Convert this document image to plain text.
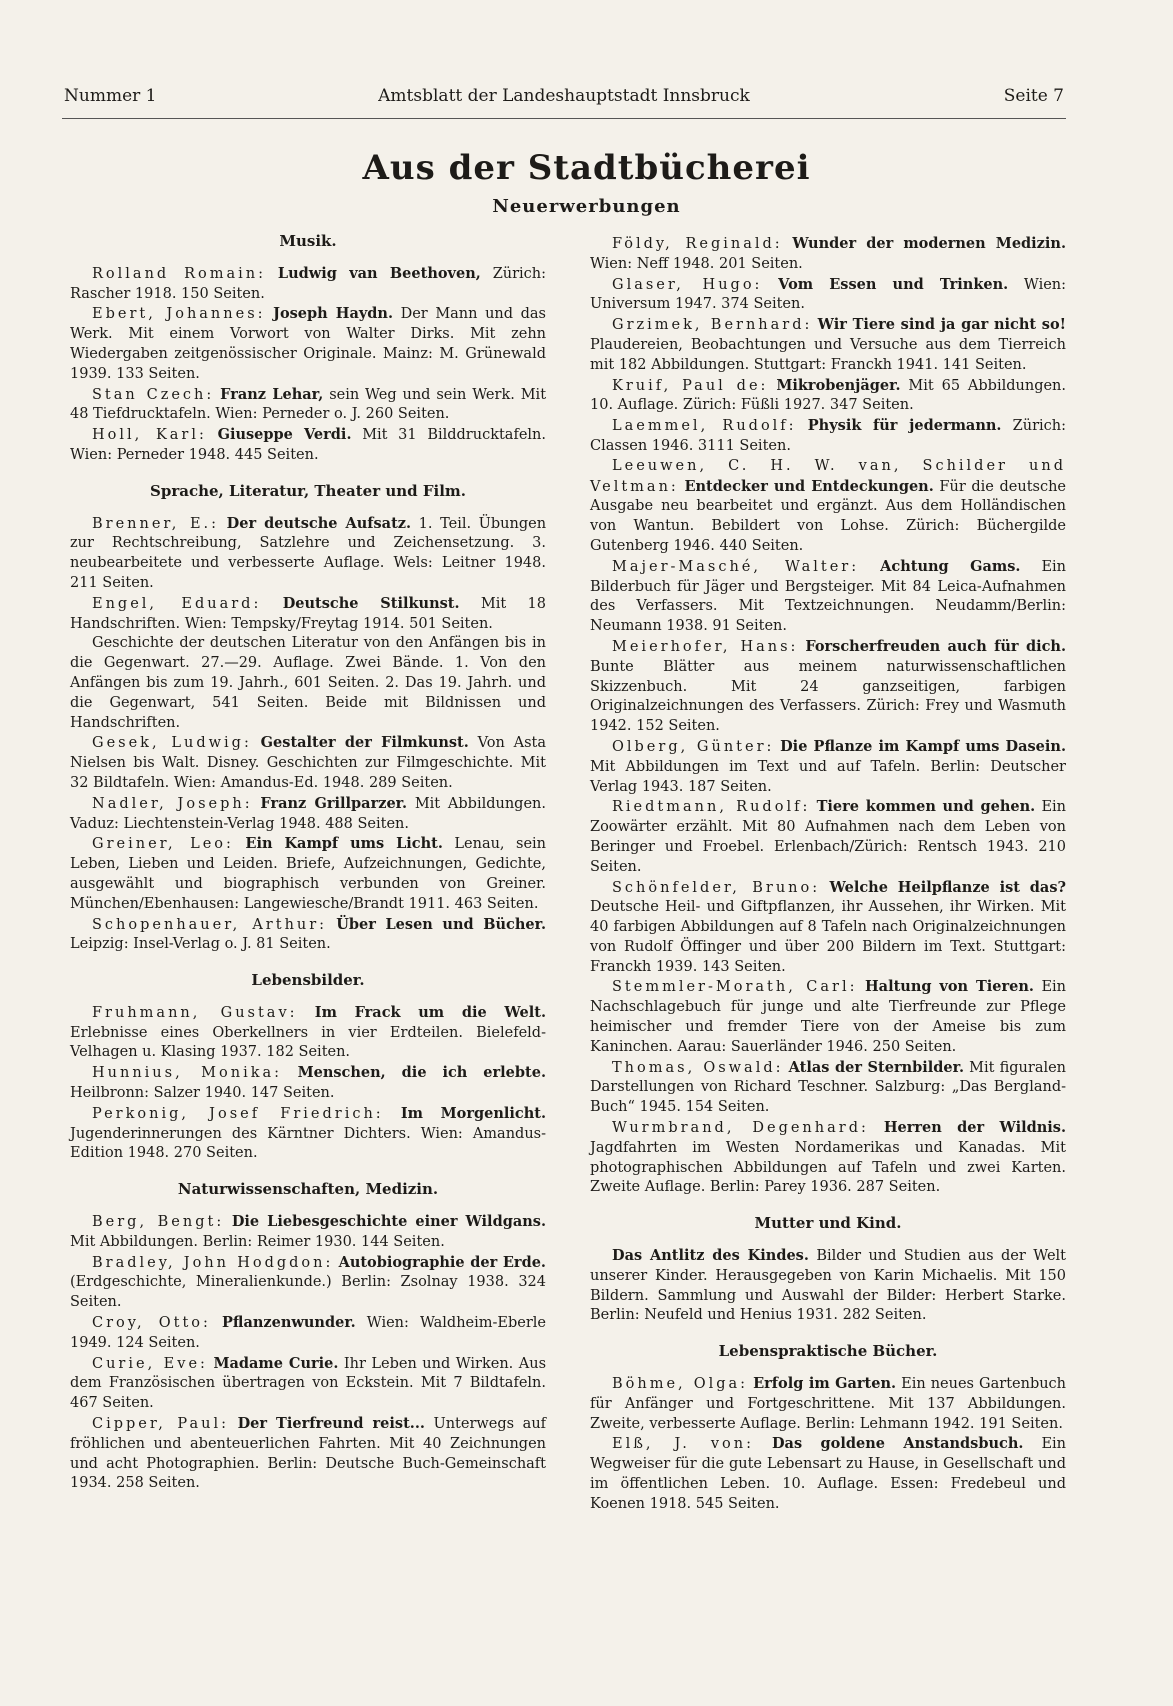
Nummer 1	Amtsblatt der Landeshauptstadt Innsbruck	Seite 7
Aus der Stadtbücherei
Neuerwerbungen
Musik.

Rolland Romain: Ludwig van Beethoven, Zürich: Rascher 1918. 150 Seiten.

Ebert, Johannes: Joseph Haydn. Der Mann und das Werk. Mit einem Vorwort von Walter Dirks. Mit zehn Wiedergaben zeitgenössischer Originale. Mainz: M. Grünewald 1939. 133 Seiten.

Stan Czech: Franz Lehar, sein Weg und sein Werk. Mit 48 Tiefdrucktafeln. Wien: Perneder o. J. 260 Seiten.

Holl, Karl: Giuseppe Verdi. Mit 31 Bilddrucktafeln. Wien: Perneder 1948. 445 Seiten.

Sprache, Literatur, Theater und Film.

Brenner, E.: Der deutsche Aufsatz. 1. Teil. Übungen zur Rechtschreibung, Satzlehre und Zeichensetzung. 3. neubearbeitete und verbesserte Auflage. Wels: Leitner 1948. 211 Seiten.

Engel, Eduard: Deutsche Stilkunst. Mit 18 Handschriften. Wien: Tempsky/Freytag 1914. 501 Seiten.

Geschichte der deutschen Literatur von den Anfängen bis in die Gegenwart. 27.—29. Auflage. Zwei Bände. 1. Von den Anfängen bis zum 19. Jahrh., 601 Seiten. 2. Das 19. Jahrh. und die Gegenwart, 541 Seiten. Beide mit Bildnissen und Handschriften.

Gesek, Ludwig: Gestalter der Filmkunst. Von Asta Nielsen bis Walt. Disney. Geschichten zur Filmgeschichte. Mit 32 Bildtafeln. Wien: Amandus-Ed. 1948. 289 Seiten.

Nadler, Joseph: Franz Grillparzer. Mit Abbildungen. Vaduz: Liechtenstein-Verlag 1948. 488 Seiten.

Greiner, Leo: Ein Kampf ums Licht. Lenau, sein Leben, Lieben und Leiden. Briefe, Aufzeichnungen, Gedichte, ausgewählt und biographisch verbunden von Greiner. München/Ebenhausen: Langewiesche/Brandt 1911. 463 Seiten.

Schopenhauer, Arthur: Über Lesen und Bücher. Leipzig: Insel-Verlag o. J. 81 Seiten.

Lebensbilder.

Fruhmann, Gustav: Im Frack um die Welt. Erlebnisse eines Oberkellners in vier Erdteilen. Bielefeld-Velhagen u. Klasing 1937. 182 Seiten.

Hunnius, Monika: Menschen, die ich erlebte. Heilbronn: Salzer 1940. 147 Seiten.

Perkonig, Josef Friedrich: Im Morgenlicht. Jugenderinnerungen des Kärntner Dichters. Wien: Amandus-Edition 1948. 270 Seiten.

Naturwissenschaften, Medizin.

Berg, Bengt: Die Liebesgeschichte einer Wildgans. Mit Abbildungen. Berlin: Reimer 1930. 144 Seiten.

Bradley, John Hodgdon: Autobiographie der Erde. (Erdgeschichte, Mineralienkunde.) Berlin: Zsolnay 1938. 324 Seiten.

Croy, Otto: Pflanzenwunder. Wien: Waldheim-Eberle 1949. 124 Seiten.

Curie, Eve: Madame Curie. Ihr Leben und Wirken. Aus dem Französischen übertragen von Eckstein. Mit 7 Bildtafeln. 467 Seiten.

Cipper, Paul: Der Tierfreund reist... Unterwegs auf fröhlichen und abenteuerlichen Fahrten. Mit 40 Zeichnungen und acht Photographien. Berlin: Deutsche Buch-Gemeinschaft 1934. 258 Seiten.

Földy, Reginald: Wunder der modernen Medizin. Wien: Neff 1948. 201 Seiten.

Glaser, Hugo: Vom Essen und Trinken. Wien: Universum 1947. 374 Seiten.

Grzimek, Bernhard: Wir Tiere sind ja gar nicht so! Plaudereien, Beobachtungen und Versuche aus dem Tierreich mit 182 Abbildungen. Stuttgart: Franckh 1941. 141 Seiten.

Kruif, Paul de: Mikrobenjäger. Mit 65 Abbildungen. 10. Auflage. Zürich: Füßli 1927. 347 Seiten.

Laemmel, Rudolf: Physik für jedermann. Zürich: Classen 1946. 3111 Seiten.

Leeuwen, C. H. W. van, Schilder und Veltman: Entdecker und Entdeckungen. Für die deutsche Ausgabe neu bearbeitet und ergänzt. Aus dem Holländischen von Wantun. Bebildert von Lohse. Zürich: Büchergilde Gutenberg 1946. 440 Seiten.

Majer-Masché, Walter: Achtung Gams. Ein Bilderbuch für Jäger und Bergsteiger. Mit 84 Leica-Aufnahmen des Verfassers. Mit Textzeichnungen. Neudamm/Berlin: Neumann 1938. 91 Seiten.

Meierhofer, Hans: Forscherfreuden auch für dich. Bunte Blätter aus meinem naturwissenschaftlichen Skizzenbuch. Mit 24 ganzseitigen, farbigen Originalzeichnungen des Verfassers. Zürich: Frey und Wasmuth 1942. 152 Seiten.

Olberg, Günter: Die Pflanze im Kampf ums Dasein. Mit Abbildungen im Text und auf Tafeln. Berlin: Deutscher Verlag 1943. 187 Seiten.

Riedtmann, Rudolf: Tiere kommen und gehen. Ein Zoowärter erzählt. Mit 80 Aufnahmen nach dem Leben von Beringer und Froebel. Erlenbach/Zürich: Rentsch 1943. 210 Seiten.

Schönfelder, Bruno: Welche Heilpflanze ist das? Deutsche Heil- und Giftpflanzen, ihr Aussehen, ihr Wirken. Mit 40 farbigen Abbildungen auf 8 Tafeln nach Originalzeichnungen von Rudolf Öffinger und über 200 Bildern im Text. Stuttgart: Franckh 1939. 143 Seiten.

Stemmler-Morath, Carl: Haltung von Tieren. Ein Nachschlagebuch für junge und alte Tierfreunde zur Pflege heimischer und fremder Tiere von der Ameise bis zum Kaninchen. Aarau: Sauerländer 1946. 250 Seiten.

Thomas, Oswald: Atlas der Sternbilder. Mit figuralen Darstellungen von Richard Teschner. Salzburg: „Das Bergland-Buch“ 1945. 154 Seiten.

Wurmbrand, Degenhard: Herren der Wildnis. Jagdfahrten im Westen Nordamerikas und Kanadas. Mit photographischen Abbildungen auf Tafeln und zwei Karten. Zweite Auflage. Berlin: Parey 1936. 287 Seiten.

Mutter und Kind.

Das Antlitz des Kindes. Bilder und Studien aus der Welt unserer Kinder. Herausgegeben von Karin Michaelis. Mit 150 Bildern. Sammlung und Auswahl der Bilder: Herbert Starke. Berlin: Neufeld und Henius 1931. 282 Seiten.

Lebenspraktische Bücher.

Böhme, Olga: Erfolg im Garten. Ein neues Gartenbuch für Anfänger und Fortgeschrittene. Mit 137 Abbildungen. Zweite, verbesserte Auflage. Berlin: Lehmann 1942. 191 Seiten.

Elß, J. von: Das goldene Anstandsbuch. Ein Wegweiser für die gute Lebensart zu Hause, in Gesellschaft und im öffentlichen Leben. 10. Auflage. Essen: Fredebeul und Koenen 1918. 545 Seiten.
